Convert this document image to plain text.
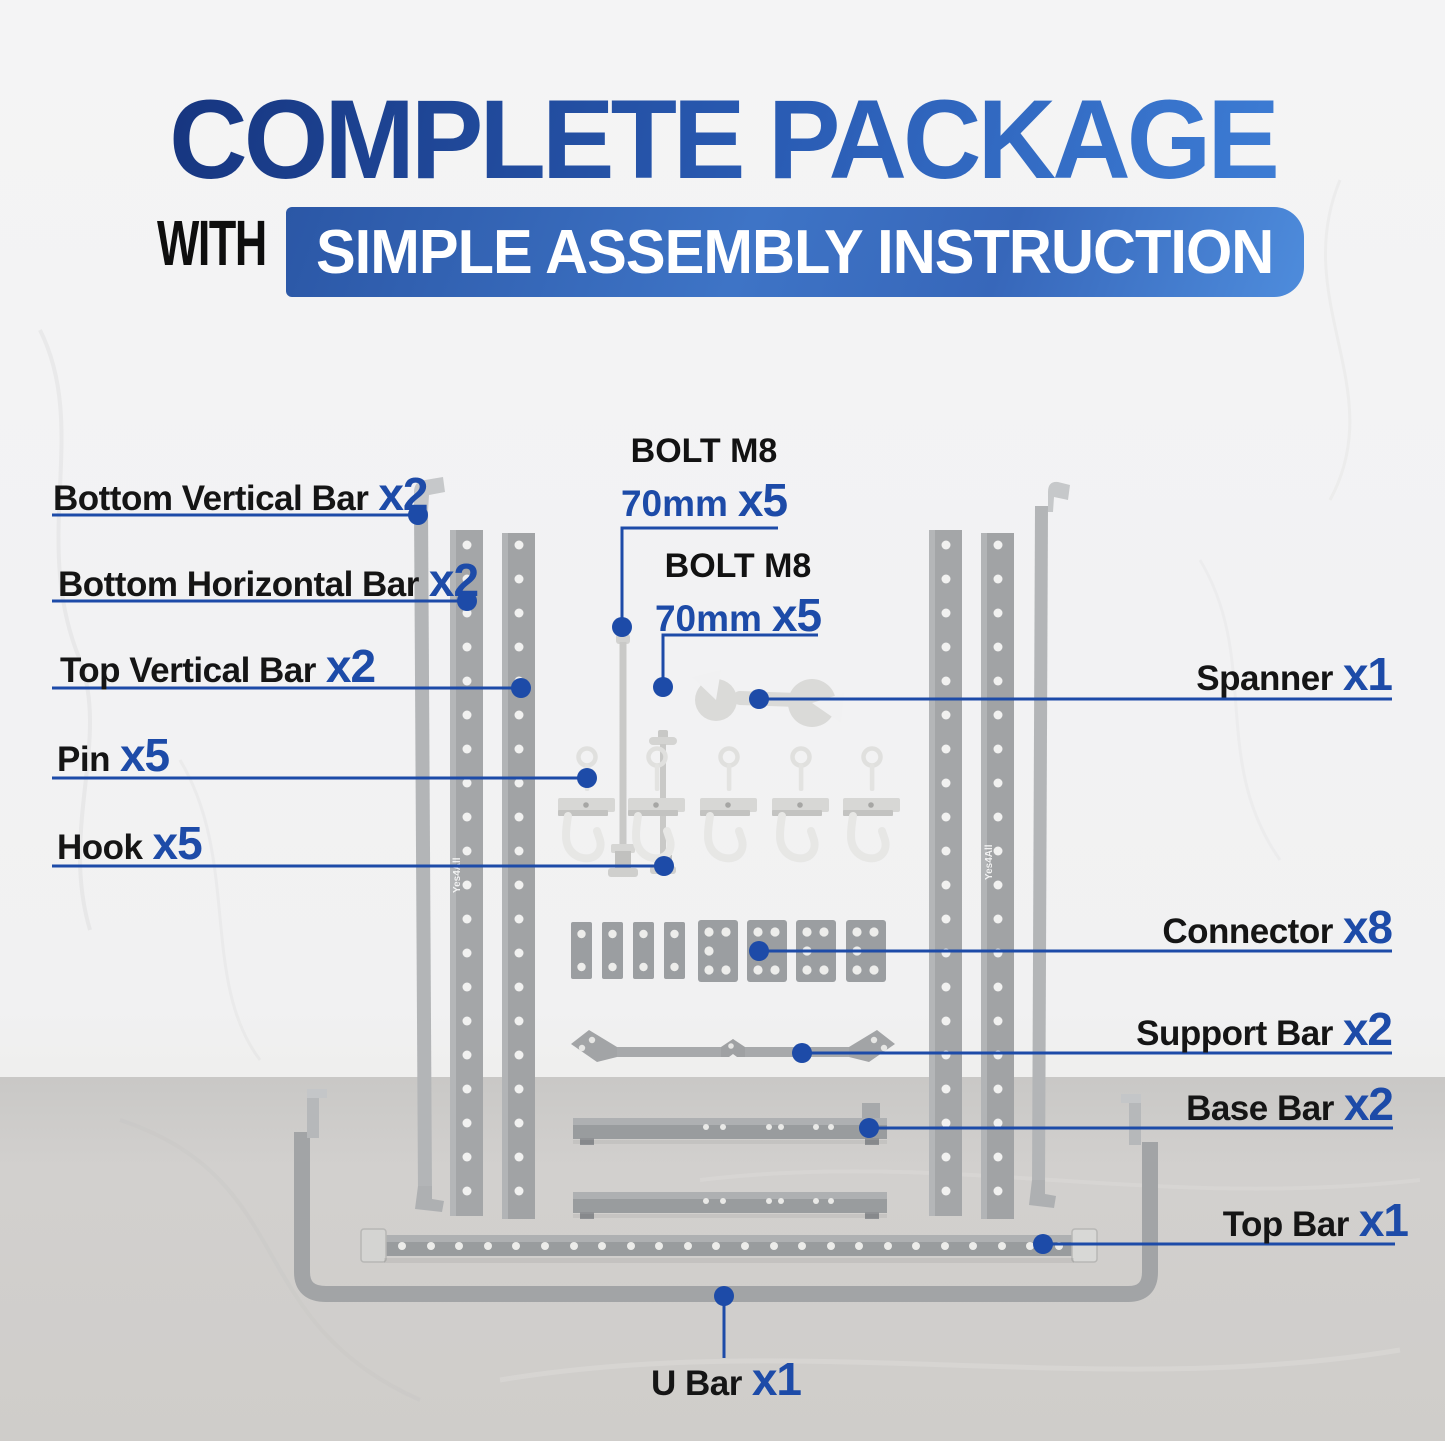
Yes4All	Yes4All
COMPLETE PACKAGE
WITH SIMPLE ASSEMBLY INSTRUCTION
Bottom Vertical Bar x2
Bottom Horizontal Bar x2
Top Vertical Bar x2
Pin x5
Hook x5
BOLT M8
70mm x5
BOLT M8
70mm x5
Spanner x1
Connector x8
Support Bar x2
Base Bar x2
Top Bar x1
U Bar x1
